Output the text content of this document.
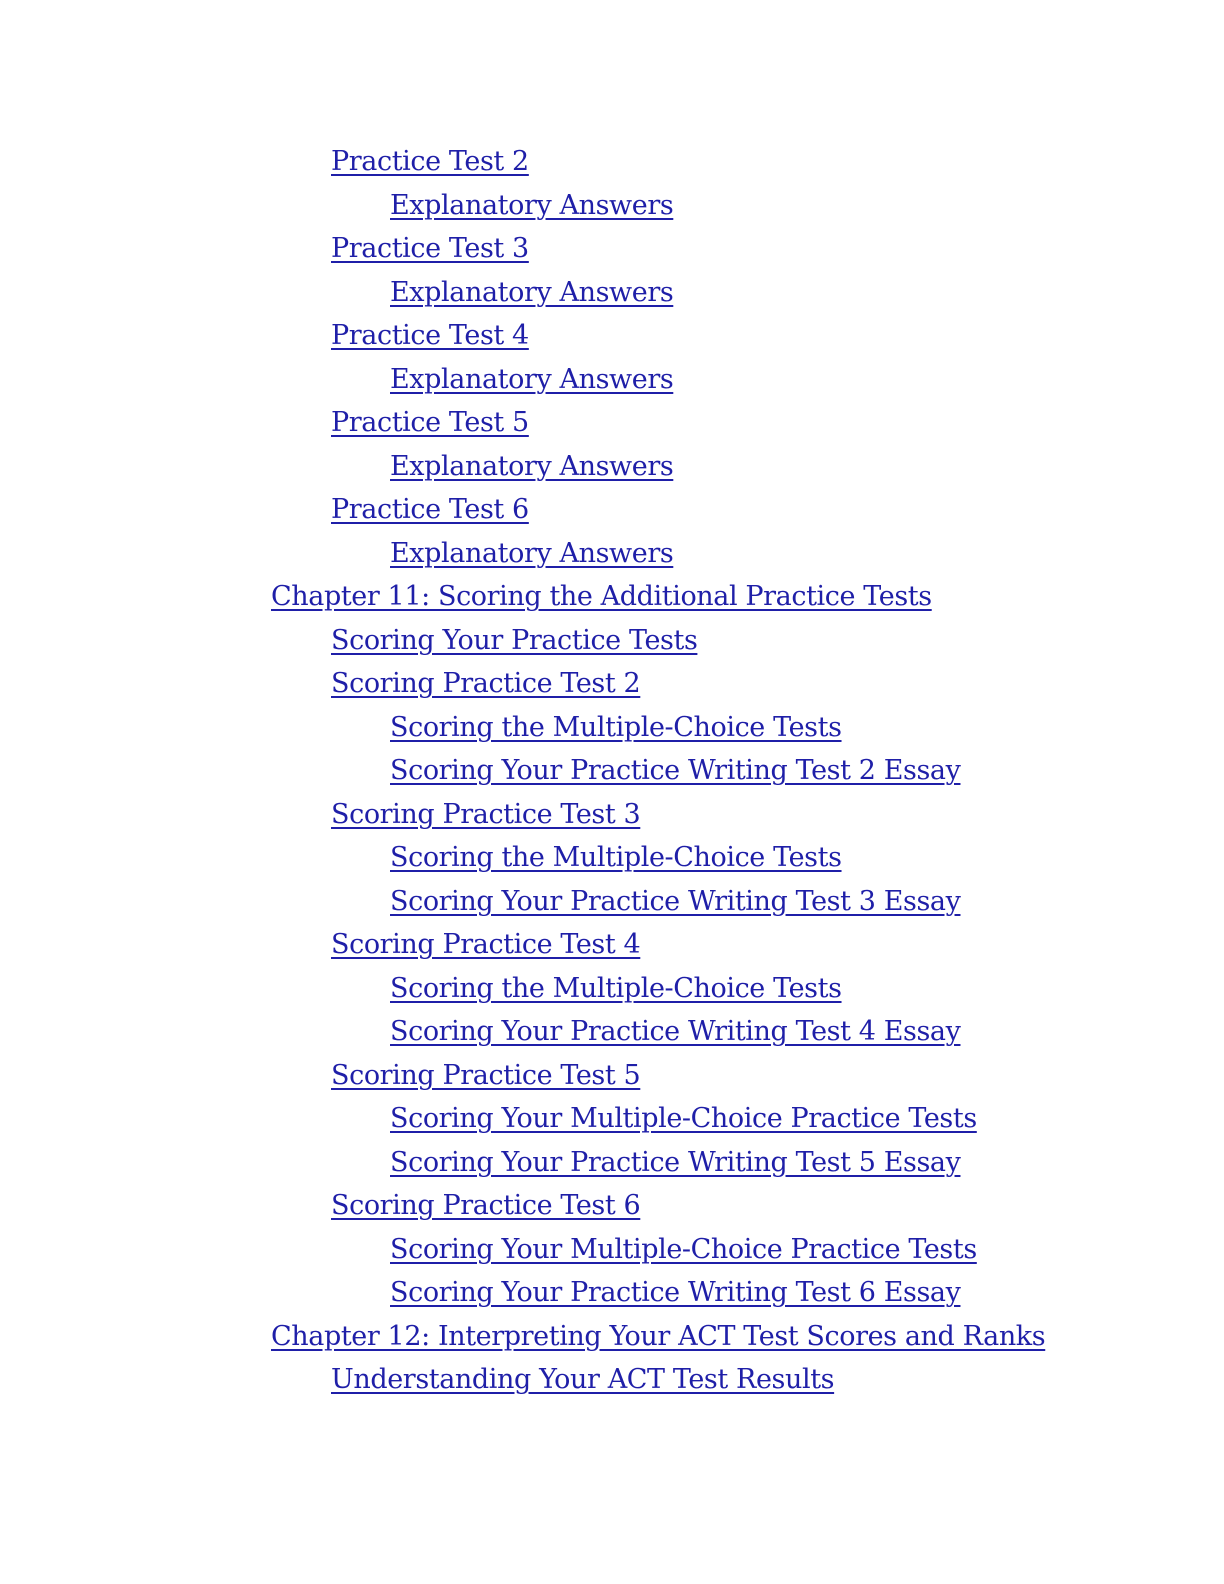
Practice Test 2
Explanatory Answers
Practice Test 3
Explanatory Answers
Practice Test 4
Explanatory Answers
Practice Test 5
Explanatory Answers
Practice Test 6
Explanatory Answers
Chapter 11: Scoring the Additional Practice Tests
Scoring Your Practice Tests
Scoring Practice Test 2
Scoring the Multiple-Choice Tests
Scoring Your Practice Writing Test 2 Essay
Scoring Practice Test 3
Scoring the Multiple-Choice Tests
Scoring Your Practice Writing Test 3 Essay
Scoring Practice Test 4
Scoring the Multiple-Choice Tests
Scoring Your Practice Writing Test 4 Essay
Scoring Practice Test 5
Scoring Your Multiple-Choice Practice Tests
Scoring Your Practice Writing Test 5 Essay
Scoring Practice Test 6
Scoring Your Multiple-Choice Practice Tests
Scoring Your Practice Writing Test 6 Essay
Chapter 12: Interpreting Your ACT Test Scores and Ranks
Understanding Your ACT Test Results
